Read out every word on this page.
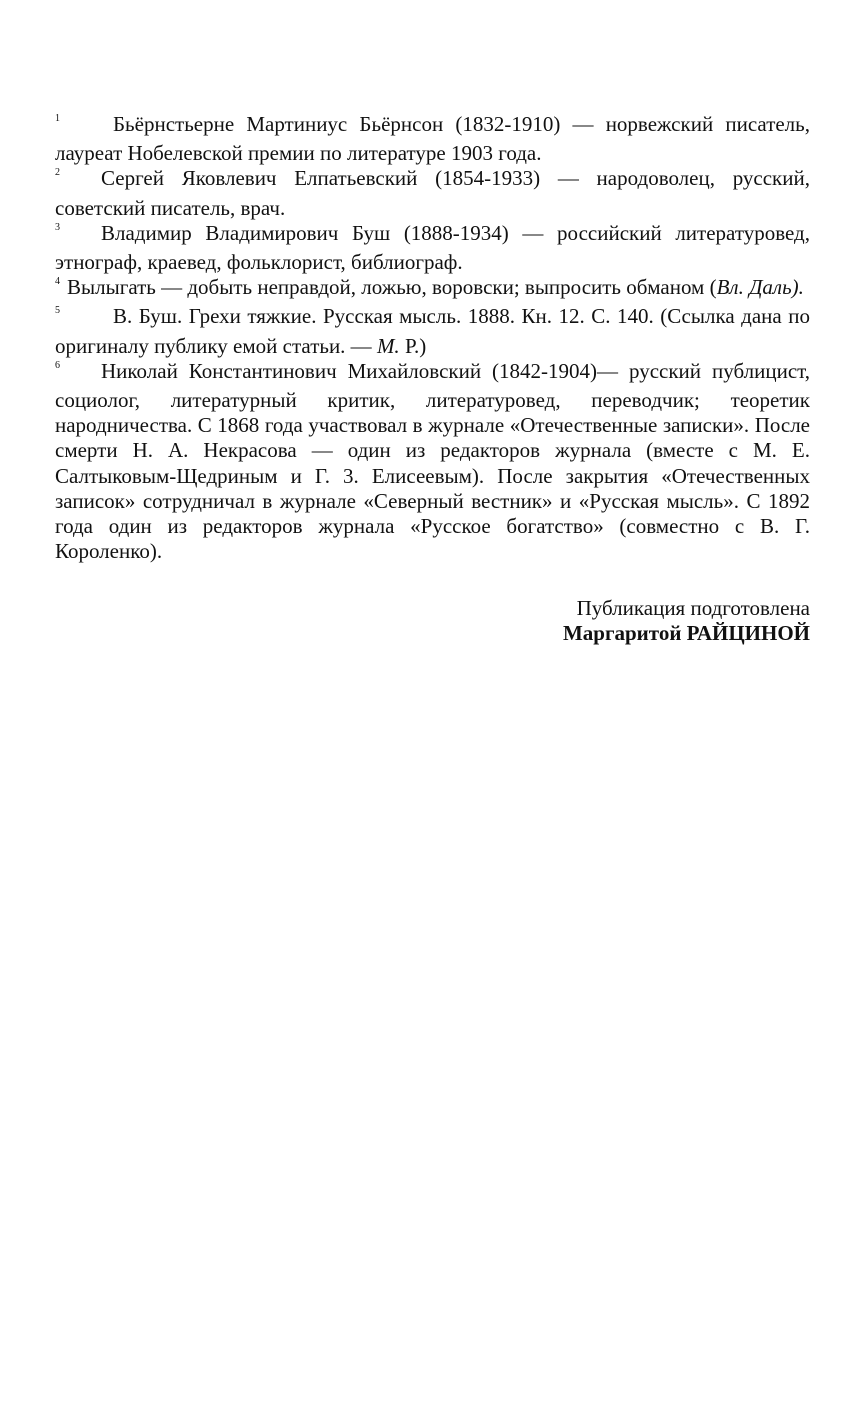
$^1$	Бьёрнстьерне Мартиниус Бьёрнсон (1832-1910) — норвежский писатель, лауреат Нобелевской премии по литературе 1903 года.

$^2$ Сергей Яковлевич Елпатьевский (1854-1933) — народоволец, русский, советский писатель, врач.

$^3$ Владимир Владимирович Буш (1888-1934) — российский литературовед, этнограф, краевед, фольклорист, библиограф.

$^4$ Вылыгать — добыть неправдой, ложью, воровски; выпросить обманом (Вл. Даль).

$^5$	В. Буш. Грехи тяжкие. Русская мысль. 1888. Кн. 12. С. 140. (Ссылка дана по оригиналу публику емой статьи. — М. Р.)

$^6$ Николай Константинович Михайловский (1842-1904)— русский публицист, социолог, литературный критик, литературовед, переводчик; теоретик народничества. С 1868 года участвовал в журнале «Отечественные записки». После смерти Н. А. Некрасова — один из редакторов журнала (вместе с М. Е. Салтыковым-Щедриным и Г. 3. Елисеевым). После закрытия «Отечественных записок» сотрудничал в журнале «Северный вестник» и «Русская мысль». С 1892 года один из редакторов журнала «Русское богатство» (совместно с В. Г. Короленко).

Публикация подготовлена
Маргаритой РАЙЦИНОЙ
